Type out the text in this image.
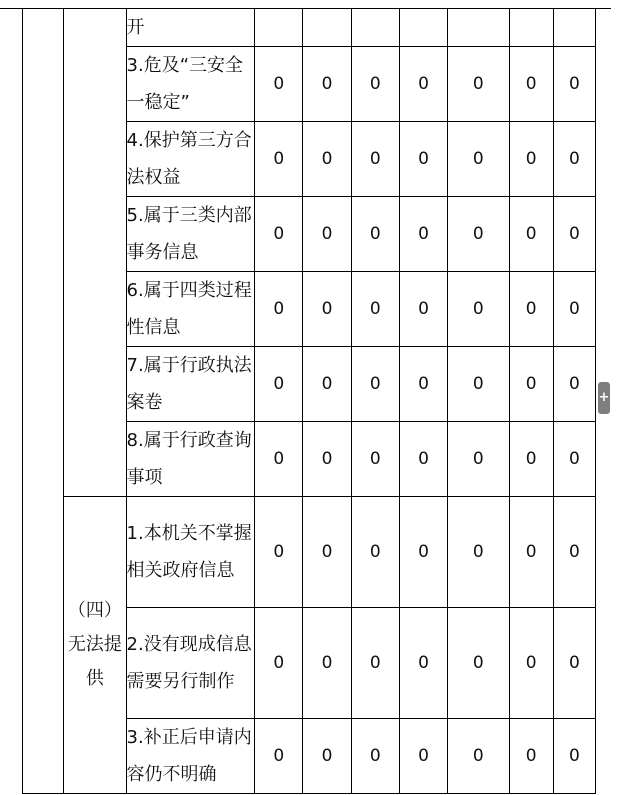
		开							
		3.危及“三安全一稳定”	0	0	0	0	0	0	0
		4.保护第三方合法权益	0	0	0	0	0	0	0
		5.属于三类内部事务信息	0	0	0	0	0	0	0
		6.属于四类过程性信息	0	0	0	0	0	0	0
		7.属于行政执法案卷	0	0	0	0	0	0	0
		8.属于行政查询事项	0	0	0	0	0	0	0
	（四）无法提供	1.本机关不掌握相关政府信息	0	0	0	0	0	0	0
		2.没有现成信息需要另行制作	0	0	0	0	0	0	0
		3.补正后申请内容仍不明确	0	0	0	0	0	0	0
+
